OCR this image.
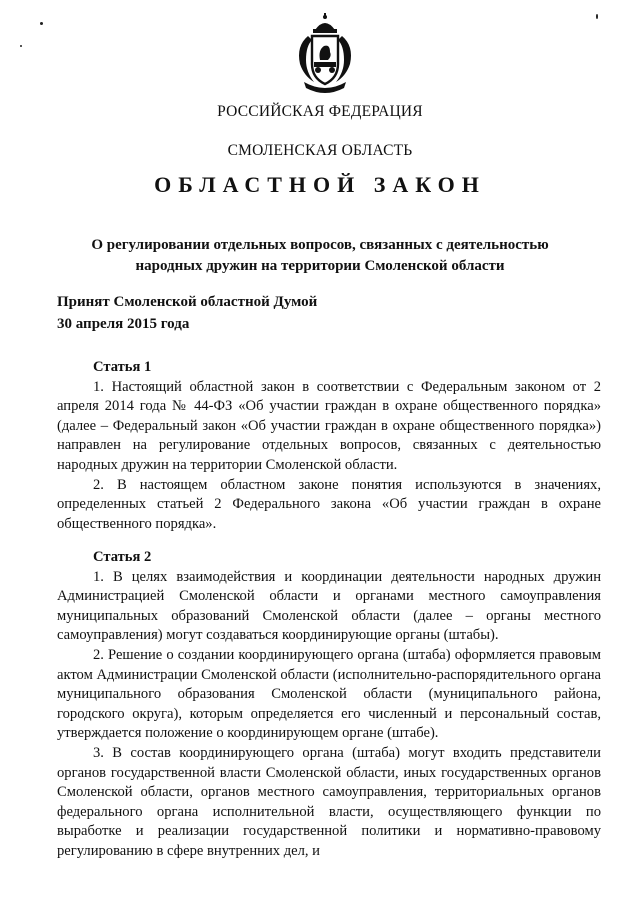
РОССИЙСКАЯ ФЕДЕРАЦИЯ
СМОЛЕНСКАЯ ОБЛАСТЬ
ОБЛАСТНОЙ ЗАКОН
О регулировании отдельных вопросов, связанных с деятельностью народных дружин на территории Смоленской области
Принят Смоленской областной Думой
30 апреля 2015 года

Статья 1

1. Настоящий областной закон в соответствии с Федеральным законом от 2 апреля 2014 года № 44-ФЗ «Об участии граждан в охране общественного порядка» (далее – Федеральный закон «Об участии граждан в охране общественного порядка») направлен на регулирование отдельных вопросов, связанных с деятельностью народных дружин на территории Смоленской области.

2. В настоящем областном законе понятия используются в значениях, определенных статьей 2 Федерального закона «Об участии граждан в охране общественного порядка».

Статья 2

1. В целях взаимодействия и координации деятельности народных дружин Администрацией Смоленской области и органами местного самоуправления муниципальных образований Смоленской области (далее – органы местного самоуправления) могут создаваться координирующие органы (штабы).

2. Решение о создании координирующего органа (штаба) оформляется правовым актом Администрации Смоленской области (исполнительно-распорядительного органа муниципального образования Смоленской области (муниципального района, городского округа), которым определяется его численный и персональный состав, утверждается положение о координирующем органе (штабе).

3. В состав координирующего органа (штаба) могут входить представители органов государственной власти Смоленской области, иных государственных органов Смоленской области, органов местного самоуправления, территориальных органов федерального органа исполнительной власти, осуществляющего функции по выработке и реализации государственной политики и нормативно-правовому регулированию в сфере внутренних дел, и
